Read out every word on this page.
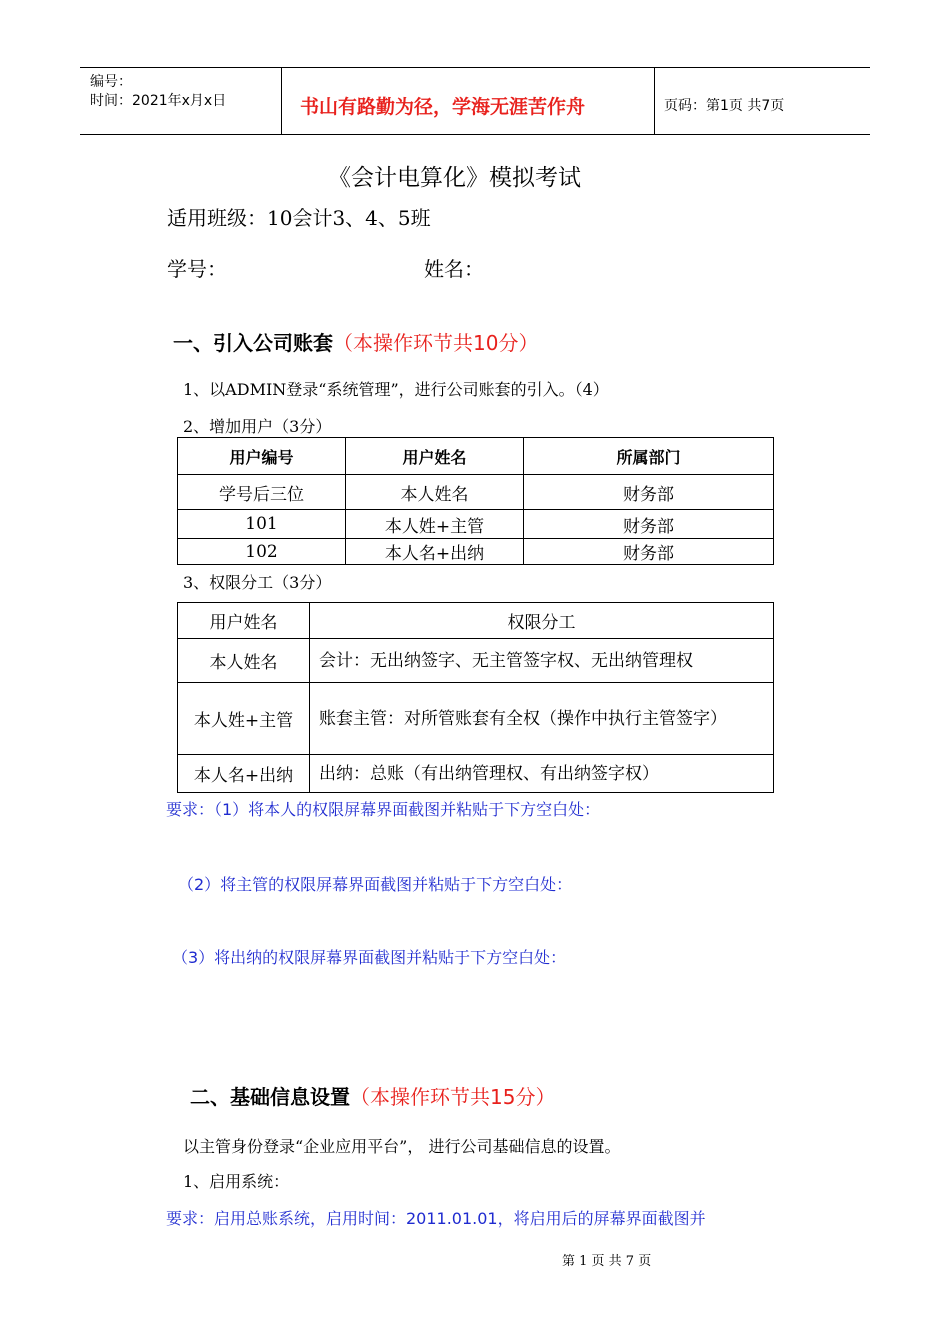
编号：
时间：2021年x月x日	书山有路勤为径，学海无涯苦作舟	页码：第1页 共7页
《会计电算化》模拟考试
适用班级：10会计3、4、5班
学号：	姓名：
一、引入公司账套（本操作环节共10分）
1、以ADMIN登录“系统管理”，进行公司账套的引入。（4）
2、增加用户（3分）
用户编号	用户姓名	所属部门
学号后三位	本人姓名	财务部
101	本人姓+主管	财务部
102	本人名+出纳	财务部
3、权限分工（3分）
用户姓名	权限分工
本人姓名	会计：无出纳签字、无主管签字权、无出纳管理权
本人姓+主管	账套主管：对所管账套有全权（操作中执行主管签字）
本人名+出纳	出纳：总账（有出纳管理权、有出纳签字权）
要求：（1）将本人的权限屏幕界面截图并粘贴于下方空白处：
（2）将主管的权限屏幕界面截图并粘贴于下方空白处：
（3）将出纳的权限屏幕界面截图并粘贴于下方空白处：
二、基础信息设置（本操作环节共15分）
以主管身份登录“企业应用平台”， 进行公司基础信息的设置。
1、启用系统：
要求：启用总账系统，启用时间：2011.01.01，将启用后的屏幕界面截图并
第 1 页 共 7 页
